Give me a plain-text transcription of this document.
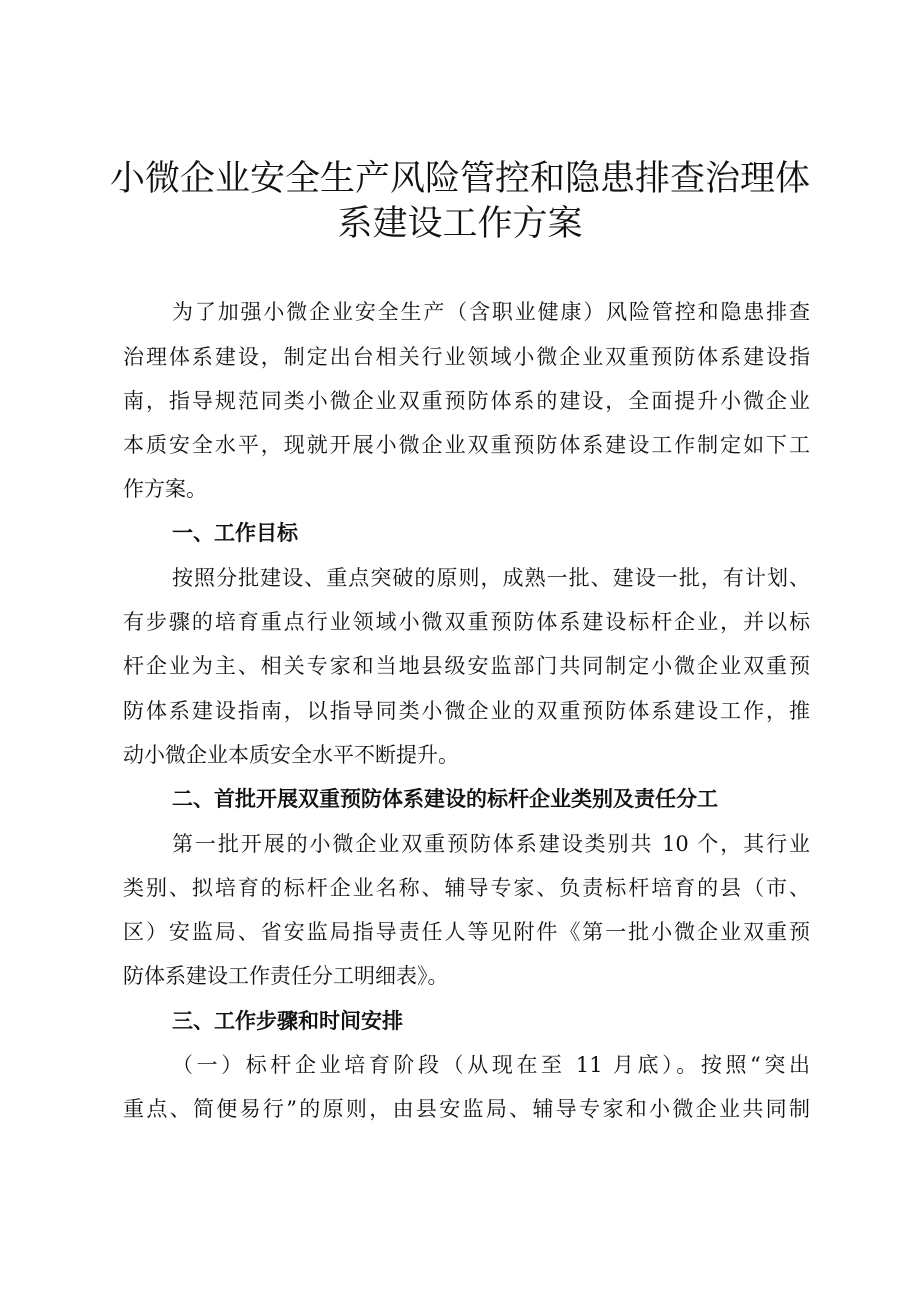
小微企业安全生产风险管控和隐患排查治理体
系建设工作方案

为了加强小微企业安全生产（含职业健康）风险管控和隐患排查

治理体系建设，制定出台相关行业领域小微企业双重预防体系建设指

南，指导规范同类小微企业双重预防体系的建设，全面提升小微企业

本质安全水平，现就开展小微企业双重预防体系建设工作制定如下工

作方案。

一、工作目标

按照分批建设、重点突破的原则，成熟一批、建设一批，有计划、

有步骤的培育重点行业领域小微双重预防体系建设标杆企业，并以标

杆企业为主、相关专家和当地县级安监部门共同制定小微企业双重预

防体系建设指南，以指导同类小微企业的双重预防体系建设工作，推

动小微企业本质安全水平不断提升。

二、首批开展双重预防体系建设的标杆企业类别及责任分工

第一批开展的小微企业双重预防体系建设类别共 10 个，其行业

类别、拟培育的标杆企业名称、辅导专家、负责标杆培育的县（市、

区）安监局、省安监局指导责任人等见附件《第一批小微企业双重预

防体系建设工作责任分工明细表》。

三、工作步骤和时间安排

（一）标杆企业培育阶段（从现在至 11 月底）。按照“突出

重点、简便易行”的原则，由县安监局、辅导专家和小微企业共同制
